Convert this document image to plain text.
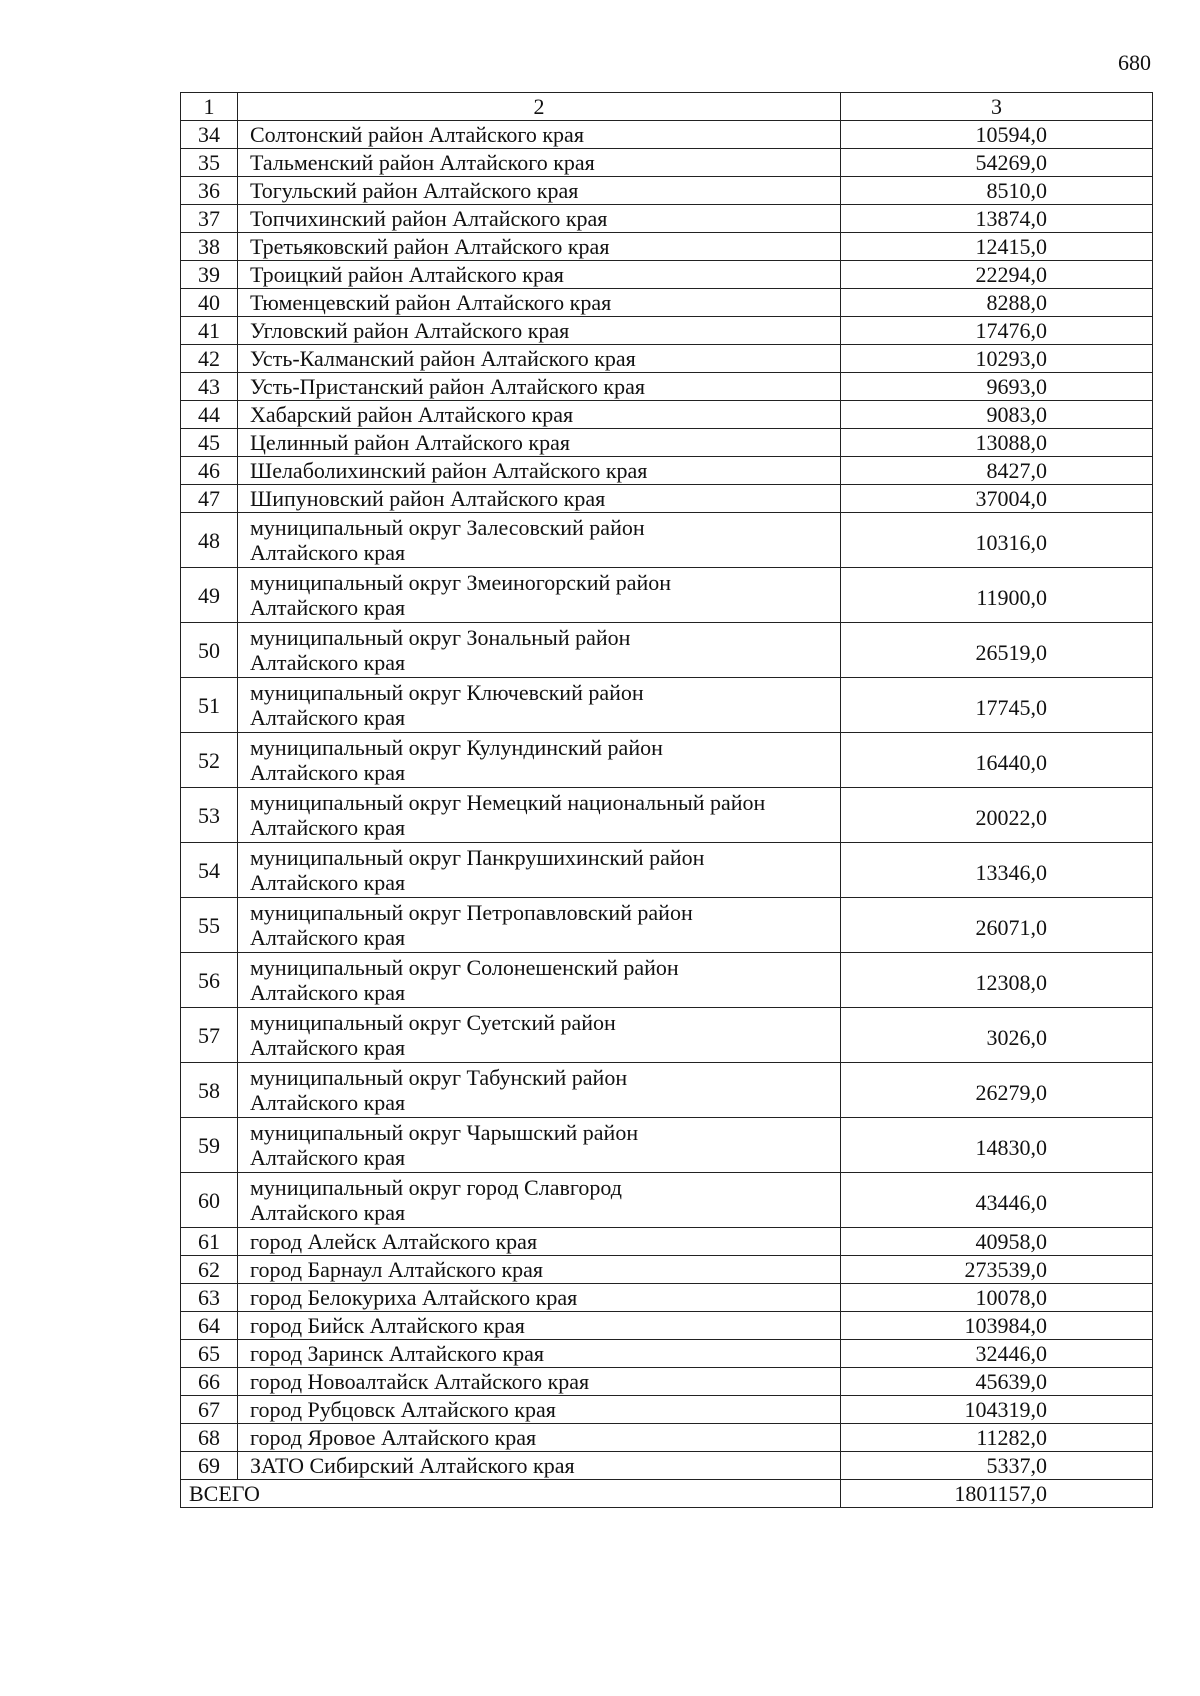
680
1	2	3
34	Солтонский район Алтайского края	10594,0
35	Тальменский район Алтайского края	54269,0
36	Тогульский район Алтайского края	8510,0
37	Топчихинский район Алтайского края	13874,0
38	Третьяковский район Алтайского края	12415,0
39	Троицкий район Алтайского края	22294,0
40	Тюменцевский район Алтайского края	8288,0
41	Угловский район Алтайского края	17476,0
42	Усть-Калманский район Алтайского края	10293,0
43	Усть-Пристанский район Алтайского края	9693,0
44	Хабарский район Алтайского края	9083,0
45	Целинный район Алтайского края	13088,0
46	Шелаболихинский район Алтайского края	8427,0
47	Шипуновский район Алтайского края	37004,0
48	муниципальный округ Залесовский район
Алтайского края	10316,0
49	муниципальный округ Змеиногорский район
Алтайского края	11900,0
50	муниципальный округ Зональный район
Алтайского края	26519,0
51	муниципальный округ Ключевский район
Алтайского края	17745,0
52	муниципальный округ Кулундинский район
Алтайского края	16440,0
53	муниципальный округ Немецкий национальный район
Алтайского края	20022,0
54	муниципальный округ Панкрушихинский район
Алтайского края	13346,0
55	муниципальный округ Петропавловский район
Алтайского края	26071,0
56	муниципальный округ Солонешенский район
Алтайского края	12308,0
57	муниципальный округ Суетский район
Алтайского края	3026,0
58	муниципальный округ Табунский район
Алтайского края	26279,0
59	муниципальный округ Чарышский район
Алтайского края	14830,0
60	муниципальный округ город Славгород
Алтайского края	43446,0
61	город Алейск Алтайского края	40958,0
62	город Барнаул Алтайского края	273539,0
63	город Белокуриха Алтайского края	10078,0
64	город Бийск Алтайского края	103984,0
65	город Заринск Алтайского края	32446,0
66	город Новоалтайск Алтайского края	45639,0
67	город Рубцовск Алтайского края	104319,0
68	город Яровое Алтайского края	11282,0
69	ЗАТО Сибирский Алтайского края	5337,0
ВСЕГО		1801157,0
